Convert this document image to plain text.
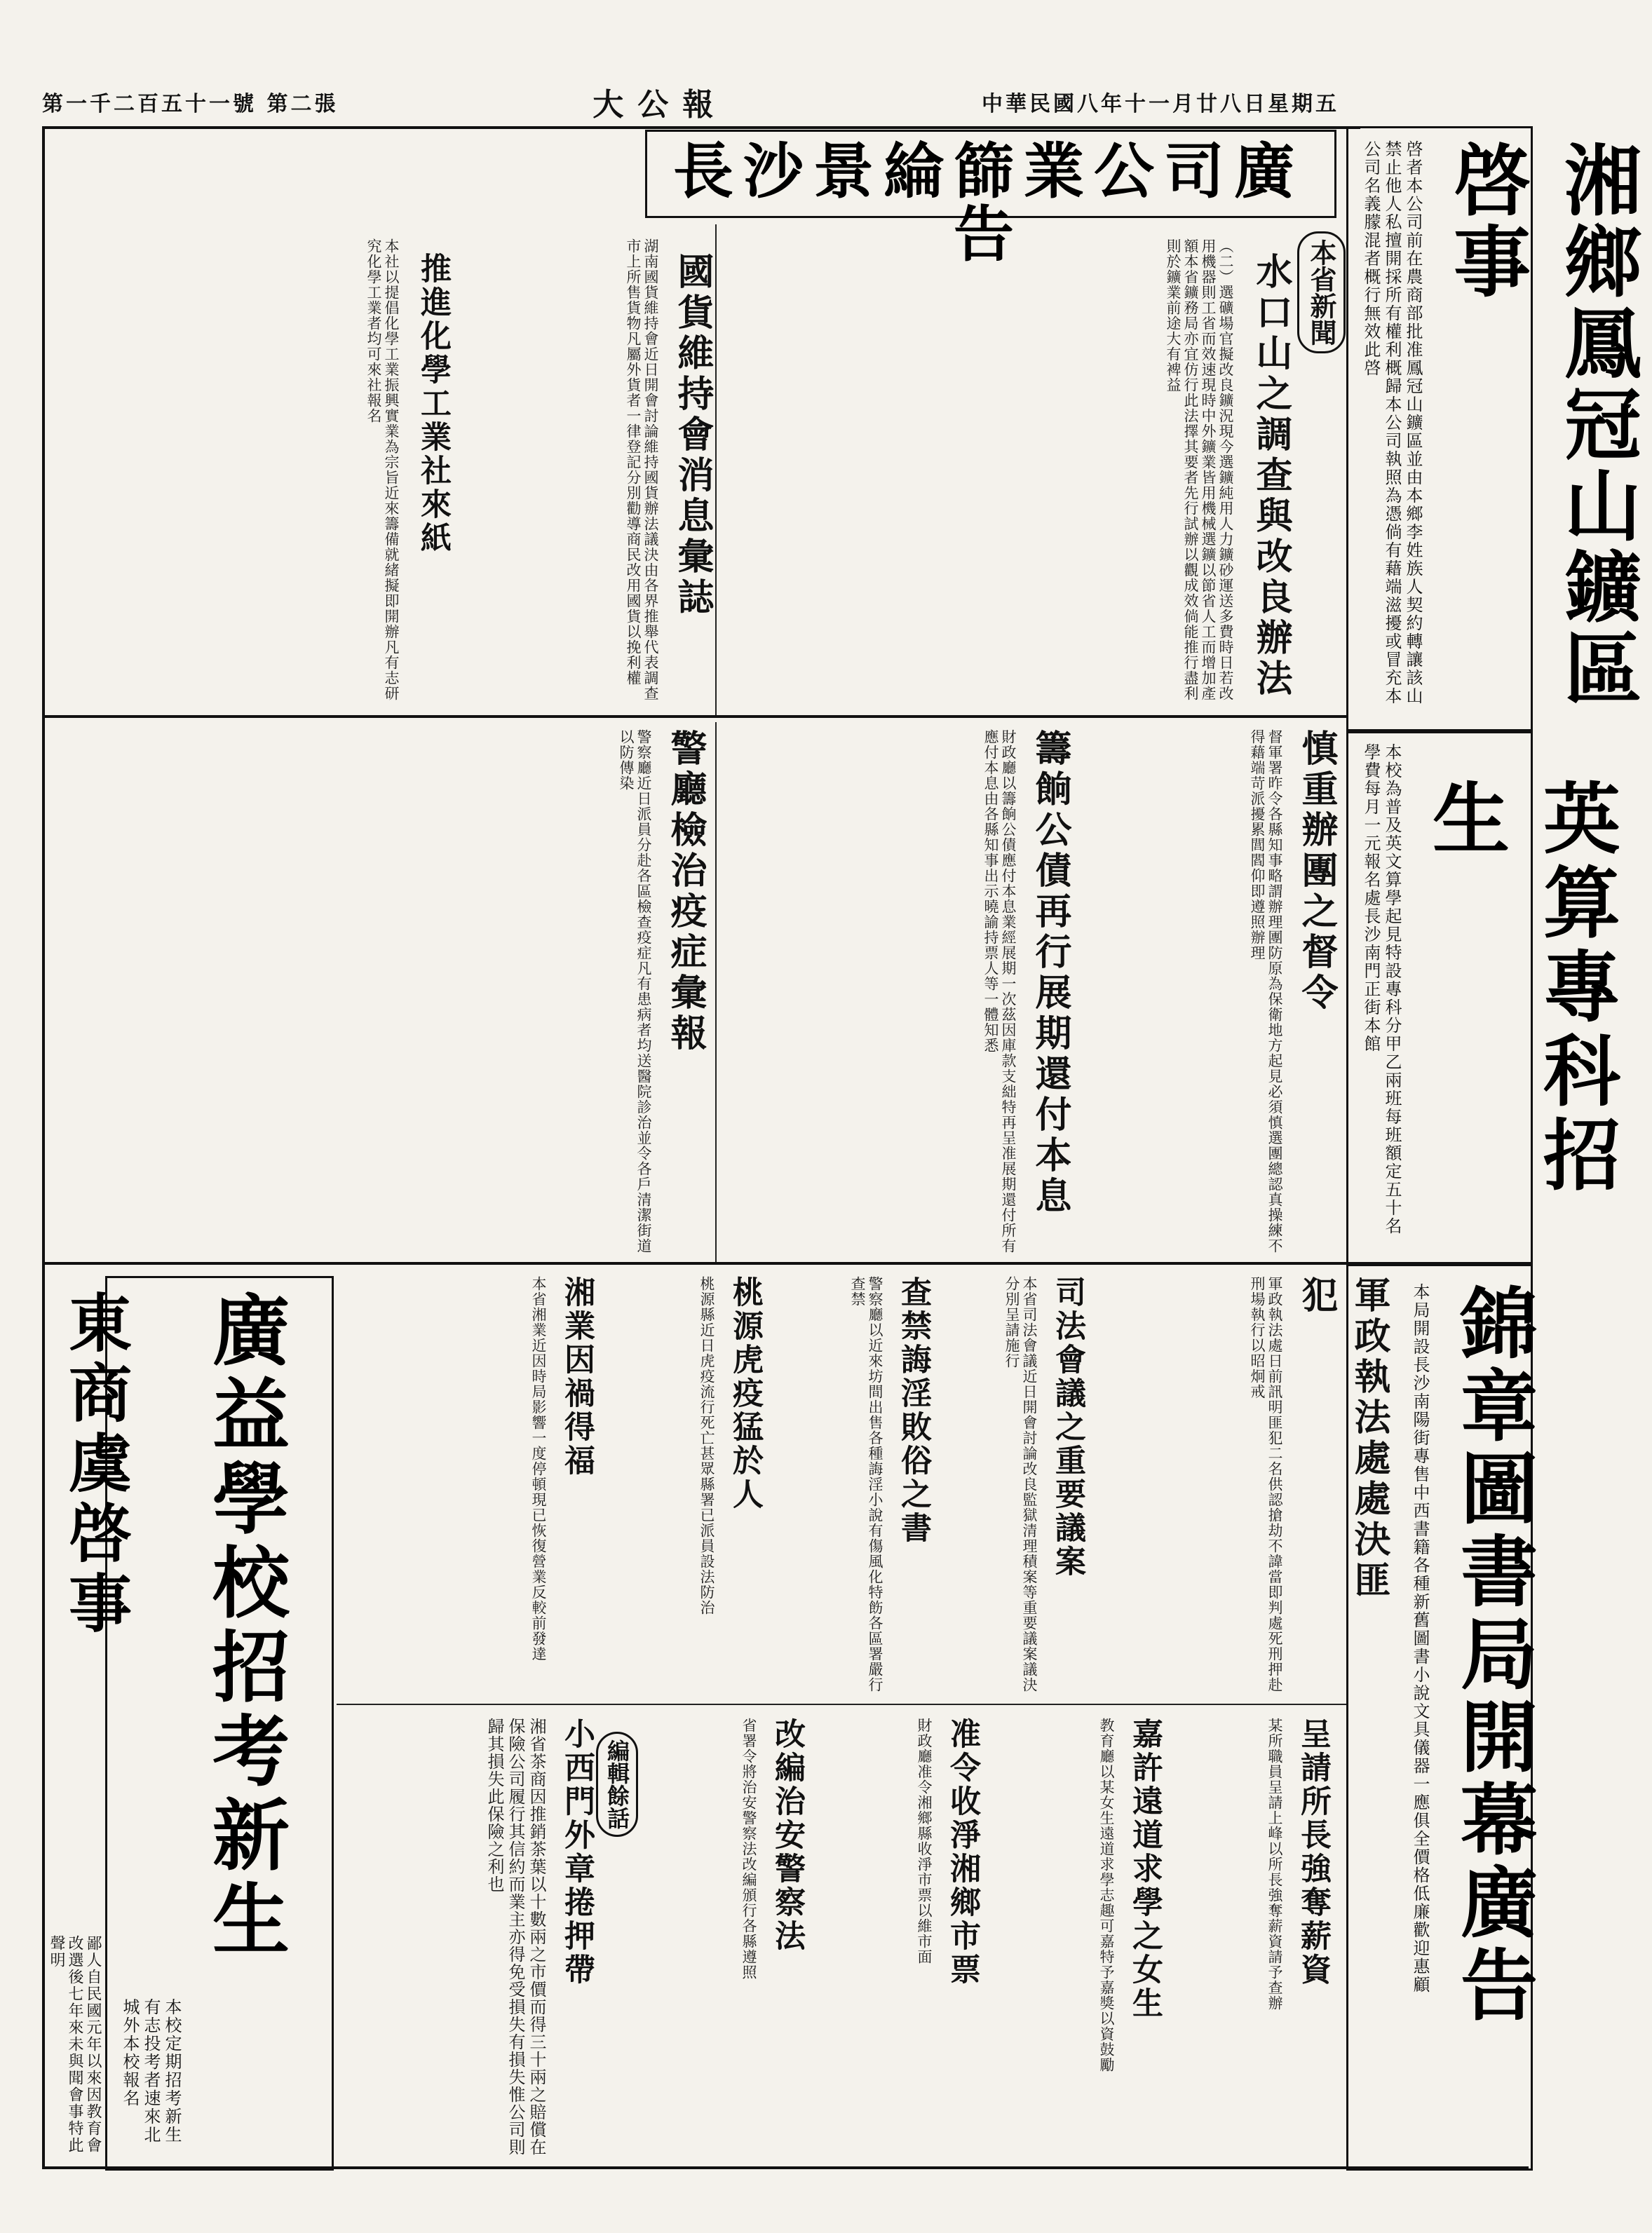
第一千二百五十一號 第二張	大公報	中華民國八年十一月廿八日星期五
湘鄉鳳冠山鑛區啓事
啓者本公司前在農商部批准鳳冠山鑛區並由本鄉李姓族人契約轉讓該山禁止他人私擅開採所有權利概歸本公司執照為憑倘有藉端滋擾或冒充本公司名義朦混者概行無效此啓
英算專科招生
本校為普及英文算學起見特設專科分甲乙兩班每班額定五十名學費每月一元報名處長沙南門正街本館
錦章圖書局開幕廣告
本局開設長沙南陽街專售中西書籍各種新舊圖書小說文具儀器一應俱全價格低廉歡迎惠顧
長沙景綸篩業公司廣告
本省新聞
水口山之調查與改良辦法
（二）選礦場官擬改良鑛況現今選鑛純用人力鑛砂運送多費時日若改用機器則工省而效速現時中外鑛業皆用機械選鑛以節省人工而增加產額本省鑛務局亦宜仿行此法擇其要者先行試辦以觀成效倘能推行盡利則於鑛業前途大有裨益
國貨維持會消息彙誌
湖南國貨維持會近日開會討論維持國貨辦法議決由各界推舉代表調查市上所售貨物凡屬外貨者一律登記分別勸導商民改用國貨以挽利權
推進化學工業社來紙
本社以提倡化學工業振興實業為宗旨近來籌備就緒擬即開辦凡有志研究化學工業者均可來社報名
慎重辦團之督令
督軍署昨令各縣知事略謂辦理團防原為保衛地方起見必須慎選團總認真操練不得藉端苛派擾累閭閻仰即遵照辦理
籌餉公債再行展期還付本息
財政廳以籌餉公債應付本息業經展期一次茲因庫款支絀特再呈准展期還付所有應付本息由各縣知事出示曉諭持票人等一體知悉
警廳檢治疫症彙報
警察廳近日派員分赴各區檢查疫症凡有患病者均送醫院診治並令各戶清潔街道以防傳染
軍政執法處處決匪犯
軍政執法處日前訊明匪犯二名供認搶劫不諱當即判處死刑押赴刑場執行以昭炯戒
司法會議之重要議案
本省司法會議近日開會討論改良監獄清理積案等重要議案議決分別呈請施行
查禁誨淫敗俗之書
警察廳以近來坊間出售各種誨淫小說有傷風化特飭各區署嚴行查禁
桃源虎疫猛於人
桃源縣近日虎疫流行死亡甚眾縣署已派員設法防治
湘業因禍得福
本省湘業近因時局影響一度停頓現已恢復營業反較前發達
廣益學校招考新生
本校定期招考新生有志投考者速來北城外本校報名
東商虞啓事
鄙人自民國元年以來因教育會改選後七年來未與聞會事特此聲明	呈請所長強奪薪資
某所職員呈請上峰以所長強奪薪資請予查辦
嘉許遠道求學之女生
教育廳以某女生遠道求學志趣可嘉特予嘉獎以資鼓勵
准令收淨湘鄉市票
財政廳准令湘鄉縣收淨市票以維市面
改編治安警察法
省署令將治安警察法改編頒行各縣遵照
編輯餘話
小西門外章捲押帶
湘省茶商因推銷茶葉以十數兩之市價而得三十兩之賠償在保險公司履行其信約而業主亦得免受損失有損失惟公司則歸其損失此保險之利也
